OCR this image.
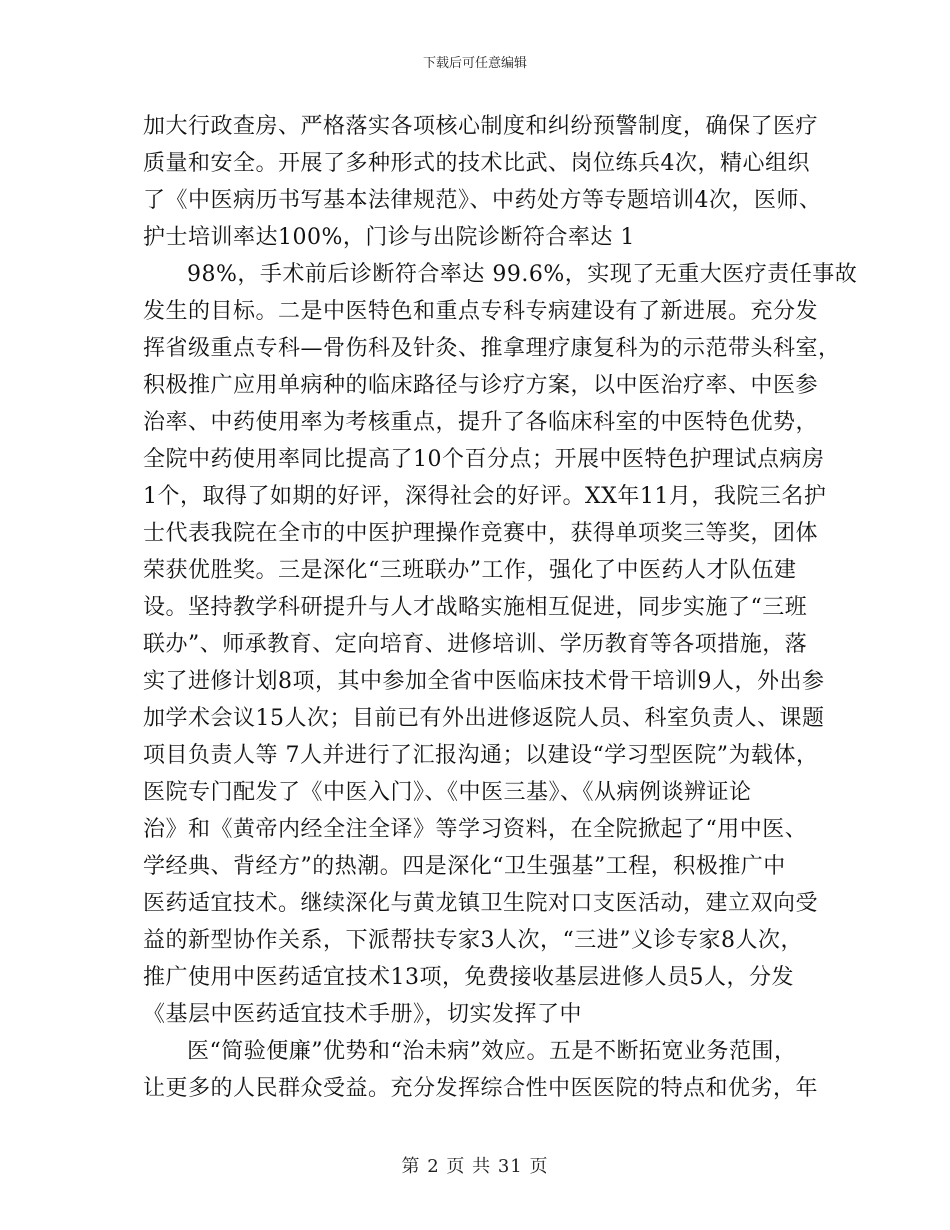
下载后可任意编辑
加大行政查房、严格落实各项核心制度和纠纷预警制度，确保了医疗
质量和安全。开展了多种形式的技术比武、岗位练兵4次，精心组织
了《中医病历书写基本法律规范》、中药处方等专题培训4次，医师、
护士培训率达100%，门诊与出院诊断符合率达 1
98%，手术前后诊断符合率达 99.6%，实现了无重大医疗责任事故
发生的目标。二是中医特色和重点专科专病建设有了新进展。充分发
挥省级重点专科—骨伤科及针灸、推拿理疗康复科为的示范带头科室，
积极推广应用单病种的临床路径与诊疗方案，以中医治疗率、中医参
治率、中药使用率为考核重点，提升了各临床科室的中医特色优势，
全院中药使用率同比提高了10个百分点；开展中医特色护理试点病房
1个，取得了如期的好评，深得社会的好评。XX年11月，我院三名护
士代表我院在全市的中医护理操作竞赛中，获得单项奖三等奖，团体
荣获优胜奖。三是深化“三班联办”工作，强化了中医药人才队伍建
设。坚持教学科研提升与人才战略实施相互促进，同步实施了“三班
联办”、师承教育、定向培育、进修培训、学历教育等各项措施，落
实了进修计划8项，其中参加全省中医临床技术骨干培训9人，外出参
加学术会议15人次；目前已有外出进修返院人员、科室负责人、课题
项目负责人等 7人并进行了汇报沟通；以建设“学习型医院”为载体，
医院专门配发了《中医入门》、《中医三基》、《从病例谈辨证论
治》和《黄帝内经全注全译》等学习资料，在全院掀起了“用中医、
学经典、背经方”的热潮。四是深化“卫生强基”工程，积极推广中
医药适宜技术。继续深化与黄龙镇卫生院对口支医活动，建立双向受
益的新型协作关系，下派帮扶专家3人次，“三进”义诊专家8人次，
推广使用中医药适宜技术13项，免费接收基层进修人员5人，分发
《基层中医药适宜技术手册》，切实发挥了中
医“简验便廉”优势和“治未病”效应。五是不断拓宽业务范围，
让更多的人民群众受益。充分发挥综合性中医医院的特点和优劣，年
第 2 页 共 31 页
